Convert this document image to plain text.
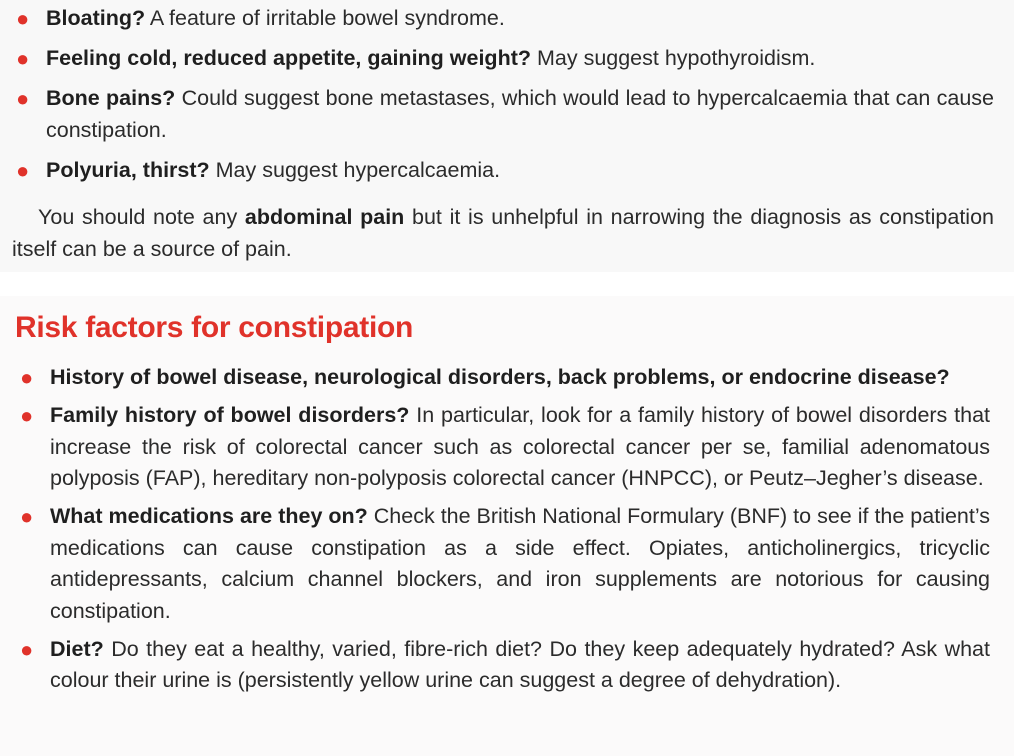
● Bloating? A feature of irritable bowel syndrome.
● Feeling cold, reduced appetite, gaining weight? May suggest hypothyroidism.
● Bone pains? Could suggest bone metastases, which would lead to hypercalcaemia that can cause constipation.
● Polyuria, thirst? May suggest hypercalcaemia.

You should note any abdominal pain but it is unhelpful in narrowing the diagnosis as constipation itself can be a source of pain.

Risk factors for constipation
● History of bowel disease, neurological disorders, back problems, or endocrine disease?
● Family history of bowel disorders? In particular, look for a family history of bowel disorders that increase the risk of colorectal cancer such as colorectal cancer per se, familial adenomatous polyposis (FAP), hereditary non-polyposis colorectal cancer (HNPCC), or Peutz–Jegher’s disease.
● What medications are they on? Check the British National Formulary (BNF) to see if the patient’s medications can cause constipation as a side effect. Opiates, anticholinergics, tricyclic antidepressants, calcium channel blockers, and iron supplements are notorious for causing constipation.
● Diet? Do they eat a healthy, varied, fibre-rich diet? Do they keep adequately hydrated? Ask what colour their urine is (persistently yellow urine can suggest a degree of dehydration).
